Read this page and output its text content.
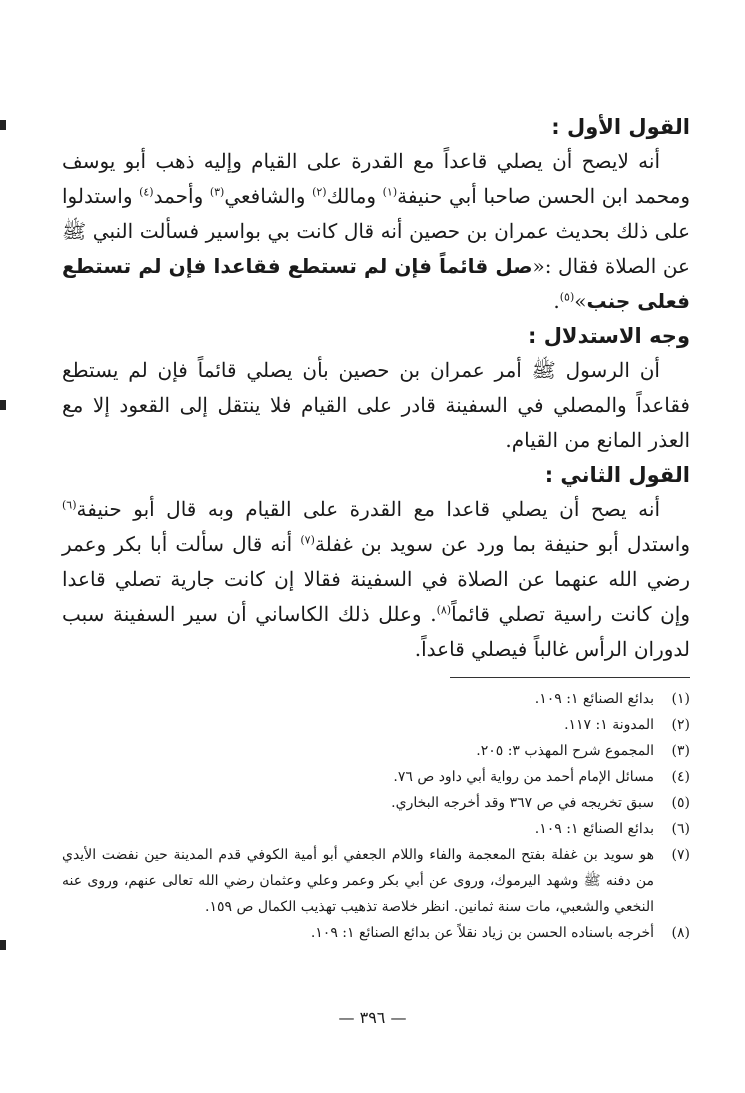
القول الأول :

أنه لايصح أن يصلي قاعداً مع القدرة على القيام وإليه ذهب أبو يوسف ومحمد ابن الحسن صاحبا أبي حنيفة$^{(١)}$ ومالك$^{(٢)}$ والشافعي$^{(٣)}$ وأحمد$^{(٤)}$ واستدلوا على ذلك بحديث عمران بن حصين أنه قال كانت بي بواسير فسألت النبي ﷺ عن الصلاة فقال :«صل قائماً فإن لم تستطع فقاعدا فإن لم تستطع فعلى جنب»$^{(٥)}$.

وجه الاستدلال :

أن الرسول ﷺ أمر عمران بن حصين بأن يصلي قائماً فإن لم يستطع فقاعداً والمصلي في السفينة قادر على القيام فلا ينتقل إلى القعود إلا مع العذر المانع من القيام.

القول الثاني :

أنه يصح أن يصلي قاعدا مع القدرة على القيام وبه قال أبو حنيفة$^{(٦)}$ واستدل أبو حنيفة بما ورد عن سويد بن غفلة$^{(٧)}$ أنه قال سألت أبا بكر وعمر رضي الله عنهما عن الصلاة في السفينة فقالا إن كانت جارية تصلي قاعدا وإن كانت راسية تصلي قائماً$^{(٨)}$. وعلل ذلك الكاساني أن سير السفينة سبب لدوران الرأس غالباً فيصلي قاعداً.

(١)
بدائع الصنائع ١: ١٠٩.
(٢)
المدونة ١: ١١٧.
(٣)
المجموع شرح المهذب ٣: ٢٠٥.
(٤)
مسائل الإمام أحمد من رواية أبي داود ص ٧٦.
(٥)
سبق تخريجه في ص ٣٦٧ وقد أخرجه البخاري.
(٦)
بدائع الصنائع ١: ١٠٩.
(٧)
هو سويد بن غفلة بفتح المعجمة والفاء واللام الجعفي أبو أمية الكوفي قدم المدينة حين نفضت الأيدي من دفنه ﷺ وشهد اليرموك، وروى عن أبي بكر وعمر وعلي وعثمان رضي الله تعالى عنهم، وروى عنه النخعي والشعبي، مات سنة ثمانين. انظر خلاصة تذهيب تهذيب الكمال ص ١٥٩.
(٨)
أخرجه باسناده الحسن بن زياد نقلاً عن بدائع الصنائع ١: ١٠٩.
— ٣٩٦ —
